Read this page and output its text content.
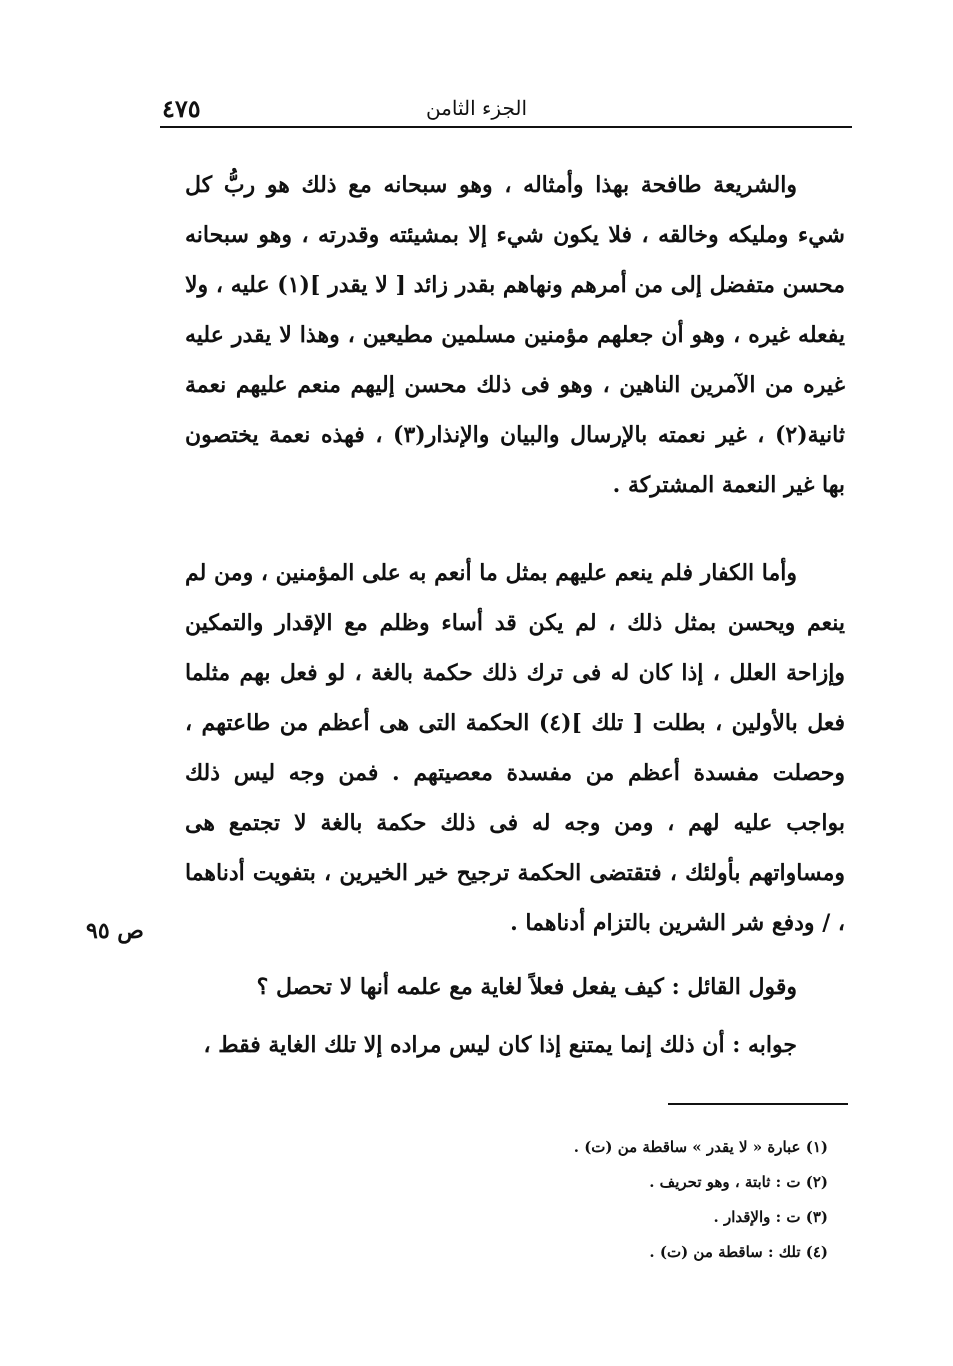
الجزء الثامن
٤٧٥

والشريعة طافحة بهذا وأمثاله ، وهو سبحانه مع ذلك هو ربُّ كل شيء ومليكه وخالقه ، فلا يكون شيء إلا بمشيئته وقدرته ، وهو سبحانه محسن متفضل إلى من أمرهم ونهاهم بقدر زائد [ لا يقدر ](١) عليه ، ولا يفعله غيره ، وهو أن جعلهم مؤمنين مسلمين مطيعين ، وهذا لا يقدر عليه غيره من الآمرين الناهين ، وهو فى ذلك محسن إليهم منعم عليهم نعمة ثانية(٢) ، غير نعمته بالإرسال والبيان والإنذار(٣) ، فهذه نعمة يختصون بها غير النعمة المشتركة .

وأما الكفار فلم ينعم عليهم بمثل ما أنعم به على المؤمنين ، ومن لم ينعم ويحسن بمثل ذلك ، لم يكن قد أساء وظلم مع الإقدار والتمكين وإزاحة العلل ، إذا كان له فى ترك ذلك حكمة بالغة ، لو فعل بهم مثلما فعل بالأولين ، بطلت [ تلك ](٤) الحكمة التى هى أعظم من طاعتهم ، وحصلت مفسدة أعظم من مفسدة معصيتهم . فمن وجه ليس ذلك بواجب عليه لهم ، ومن وجه له فى ذلك حكمة بالغة لا تجتمع هى ومساواتهم بأولئك ، فتقتضى الحكمة ترجيح خير الخيرين ، بتفويت أدناهما ، / ودفع شر الشرين بالتزام أدناهما .

وقول القائل : كيف يفعل فعلاً لغاية مع علمه أنها لا تحصل ؟

جوابه : أن ذلك إنما يمتنع إذا كان ليس مراده إلا تلك الغاية فقط ،

ص ٩٥
(١) عبارة « لا يقدر » ساقطة من (ت) .
(٢) ت : ثابتة ، وهو تحريف .
(٣) ت : والإقدار .
(٤) تلك : ساقطة من (ت) .
